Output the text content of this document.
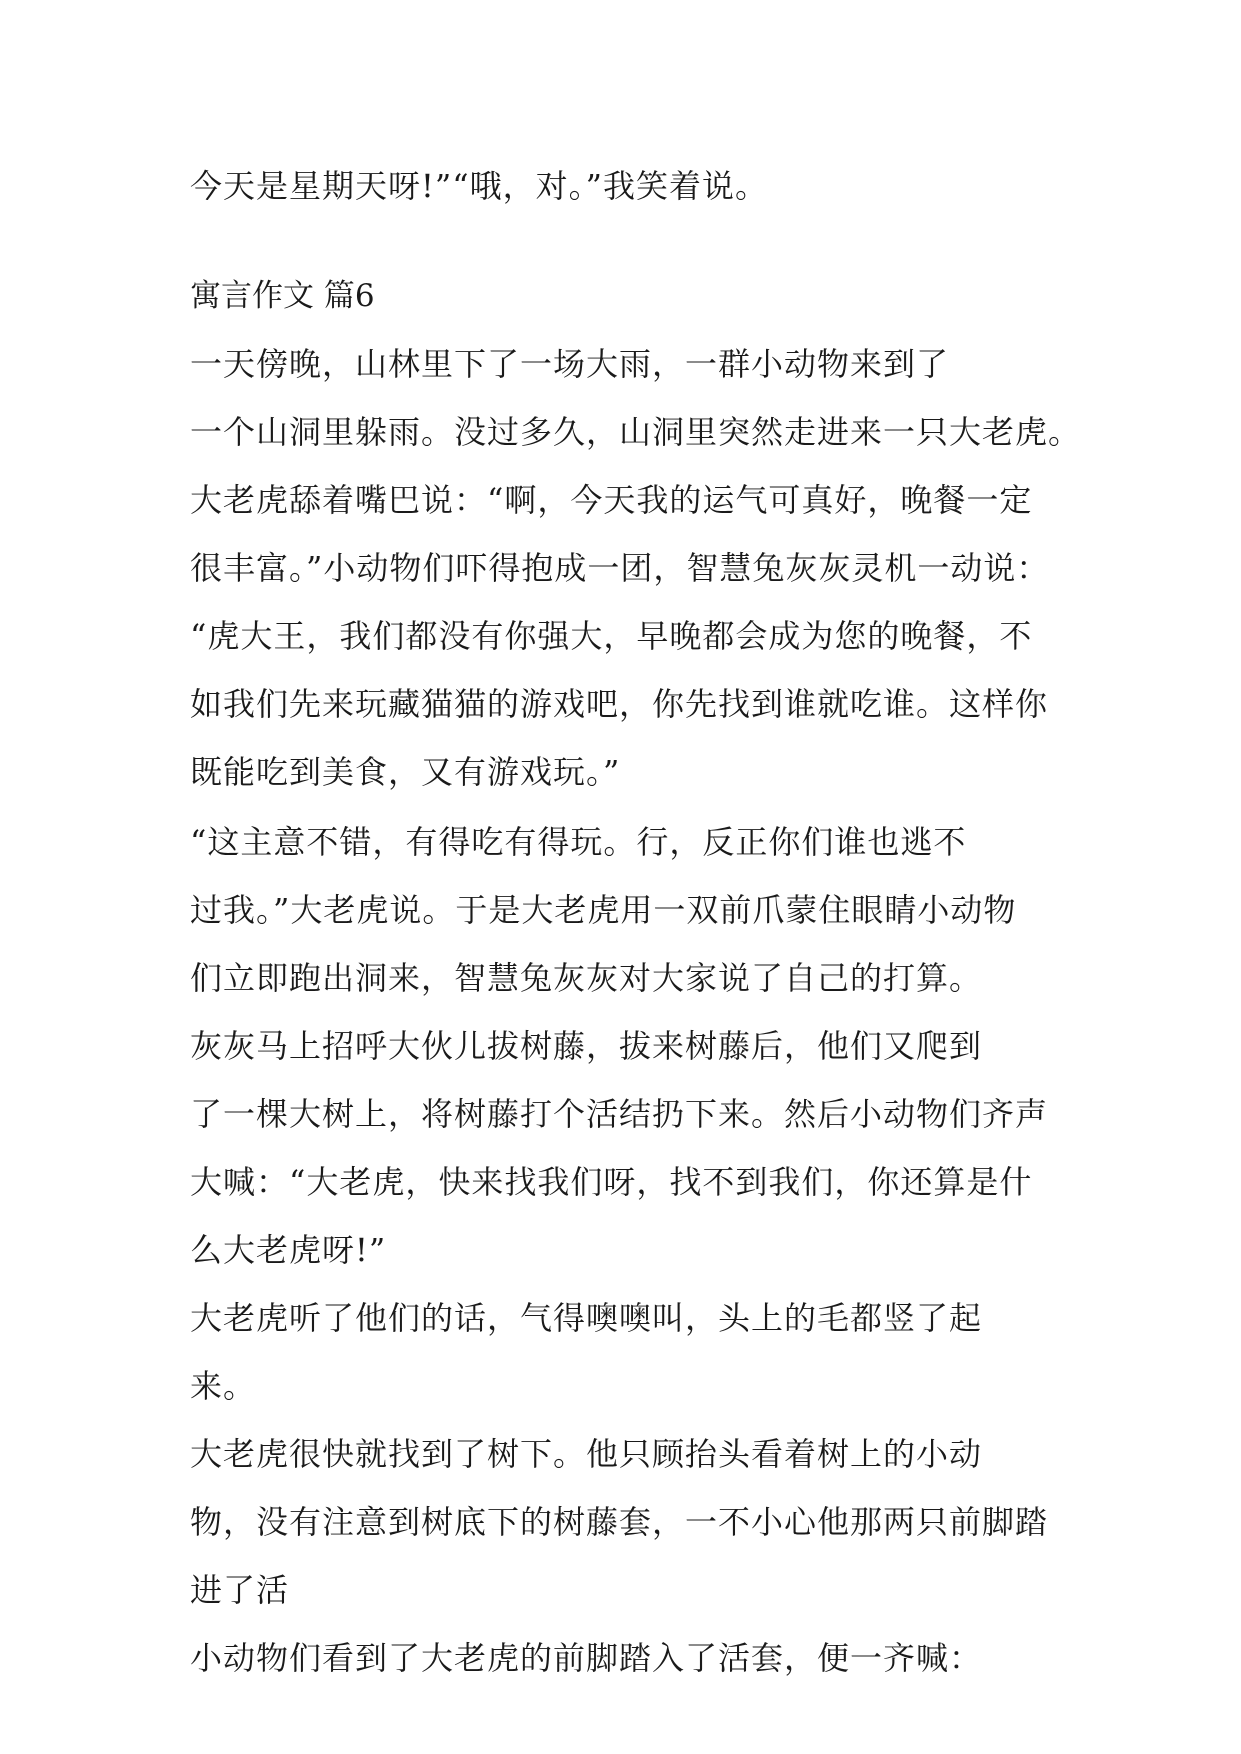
今天是星期天呀!”“哦，对。”我笑着说。
寓言作文 篇6
一天傍晚，山林里下了一场大雨，一群小动物来到了
一个山洞里躲雨。没过多久，山洞里突然走进来一只大老虎。
大老虎舔着嘴巴说：“啊，今天我的运气可真好，晚餐一定
很丰富。”小动物们吓得抱成一团，智慧兔灰灰灵机一动说：
“虎大王，我们都没有你强大，早晚都会成为您的晚餐，不
如我们先来玩藏猫猫的游戏吧，你先找到谁就吃谁。这样你
既能吃到美食，又有游戏玩。”
“这主意不错，有得吃有得玩。行，反正你们谁也逃不
过我。”大老虎说。于是大老虎用一双前爪蒙住眼睛小动物
们立即跑出洞来，智慧兔灰灰对大家说了自己的打算。
灰灰马上招呼大伙儿拔树藤，拔来树藤后，他们又爬到
了一棵大树上，将树藤打个活结扔下来。然后小动物们齐声
大喊：“大老虎，快来找我们呀，找不到我们，你还算是什
么大老虎呀!”
大老虎听了他们的话，气得噢噢叫，头上的毛都竖了起
来。
大老虎很快就找到了树下。他只顾抬头看着树上的小动
物，没有注意到树底下的树藤套，一不小心他那两只前脚踏
进了活
小动物们看到了大老虎的前脚踏入了活套，便一齐喊：
